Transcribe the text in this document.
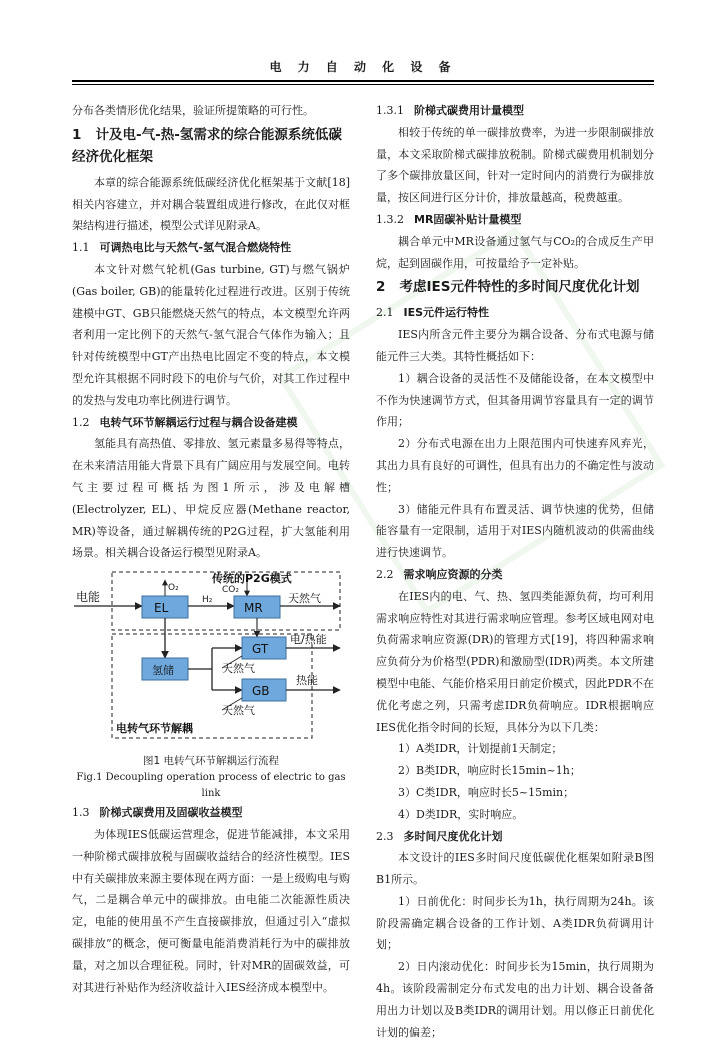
​
电 力 自 动 化 设 备

分布各类情形优化结果，验证所提策略的可行性。

1 计及电-气-热-氢需求的综合能源系统低碳经济优化框架

本章的综合能源系统低碳经济优化框架基于文献[18]相关内容建立，并对耦合装置组成进行修改，在此仅对框架结构进行描述，模型公式详见附录A。

1.1 可调热电比与天然气-氢气混合燃烧特性

本文针对燃气轮机(Gas turbine, GT)与燃气锅炉(Gas boiler, GB)的能量转化过程进行改进。区别于传统建模中GT、GB只能燃烧天然气的特点，本文模型允许两者利用一定比例下的天然气-氢气混合气体作为输入；且针对传统模型中GT产出热电比固定不变的特点，本文模型允许其根据不同时段下的电价与气价，对其工作过程中的发热与发电功率比例进行调节。

1.2 电转气环节解耦运行过程与耦合设备建模

氢能具有高热值、零排放、氢元素量多易得等特点，在未来清洁用能大背景下具有广阔应用与发展空间。电转气主要过程可概括为图1所示，涉及电解槽(Electrolyzer, EL)、甲烷反应器(Methane reactor, MR)等设备，通过解耦传统的P2G过程，扩大氢能利用场景。相关耦合设备运行模型见附录A。

O₂	CO₂
传统的P2G模式
电能
EL
H₂
MR
天然气
氢储
GT
GB
电/热能
天然气
热能
天然气
电转气环节解耦
图1 电转气环节解耦运行流程
Fig.1 Decoupling operation process of electric to gas link
1.3 阶梯式碳费用及固碳收益模型

为体现IES低碳运营理念，促进节能减排，本文采用一种阶梯式碳排放税与固碳收益结合的经济性模型。IES中有关碳排放来源主要体现在两方面：一是上级购电与购气，二是耦合单元中的碳排放。由电能二次能源性质决定，电能的使用虽不产生直接碳排放，但通过引入“虚拟碳排放”的概念，便可衡量电能消费消耗行为中的碳排放量，对之加以合理征税。同时，针对MR的固碳效益，可对其进行补贴作为经济收益计入IES经济成本模型中。

1.3.1 阶梯式碳费用计量模型

相较于传统的单一碳排放费率，为进一步限制碳排放量，本文采取阶梯式碳排放税制。阶梯式碳费用机制划分了多个碳排放量区间，针对一定时间内的消费行为碳排放量，按区间进行区分计价，排放量越高，税费越重。

1.3.2 MR固碳补贴计量模型

耦合单元中MR设备通过氢气与CO₂的合成反生产甲烷，起到固碳作用，可按量给予一定补贴。

2 考虑IES元件特性的多时间尺度优化计划
2.1 IES元件运行特性

IES内所含元件主要分为耦合设备、分布式电源与储能元件三大类。其特性概括如下：

1）耦合设备的灵活性不及储能设备，在本文模型中不作为快速调节方式，但其备用调节容量具有一定的调节作用；

2）分布式电源在出力上限范围内可快速弃风弃光，其出力具有良好的可调性，但具有出力的不确定性与波动性；

3）储能元件具有布置灵活、调节快速的优势，但储能容量有一定限制，适用于对IES内随机波动的供需曲线进行快速调节。

2.2 需求响应资源的分类

在IES内的电、气、热、氢四类能源负荷，均可利用需求响应特性对其进行需求响应管理。参考区域电网对电负荷需求响应资源(DR)的管理方式[19]，将四种需求响应负荷分为价格型(PDR)和激励型(IDR)两类。本文所建模型中电能、气能价格采用日前定价模式，因此PDR不在优化考虑之列，只需考虑IDR负荷响应。IDR根据响应IES优化指令时间的长短，具体分为以下几类：

1）A类IDR，计划提前1天制定；

2）B类IDR，响应时长15min~1h；

3）C类IDR，响应时长5~15min；

4）D类IDR，实时响应。

2.3 多时间尺度优化计划

本文设计的IES多时间尺度低碳优化框架如附录B图B1所示。

1）日前优化：时间步长为1h，执行周期为24h。该阶段需确定耦合设备的工作计划、A类IDR负荷调用计划；

2）日内滚动优化：时间步长为15min，执行周期为4h。该阶段需制定分布式发电的出力计划、耦合设备备用出力计划以及B类IDR的调用计划。用以修正日前优化计划的偏差；
